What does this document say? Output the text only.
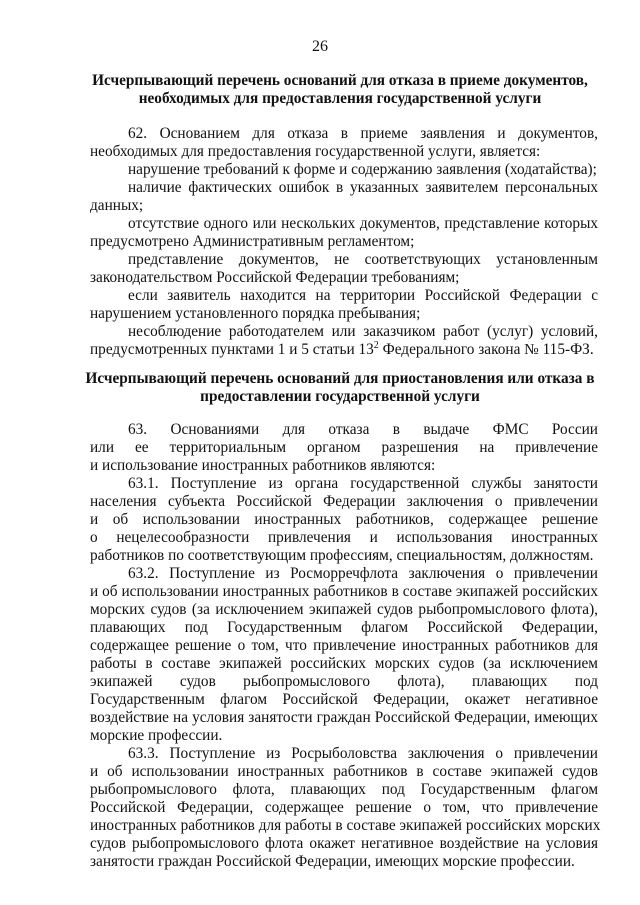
26
Исчерпывающий перечень оснований для отказа в приеме документов,
необходимых для предоставления государственной услуги
62. Основанием для отказа в приеме заявления и документов,
необходимых для предоставления государственной услуги, является:
нарушение требований к форме и содержанию заявления (ходатайства);
наличие фактических ошибок в указанных заявителем персональных
данных;
отсутствие одного или нескольких документов, представление которых
предусмотрено Административным регламентом;
представление документов, не соответствующих установленным
законодательством Российской Федерации требованиям;
если заявитель находится на территории Российской Федерации с
нарушением установленного порядка пребывания;
несоблюдение работодателем или заказчиком работ (услуг) условий,
предусмотренных пунктами 1 и 5 статьи $13^2$ Федерального закона № 115-ФЗ.
Исчерпывающий перечень оснований для приостановления или отказа в
предоставлении государственной услуги
63. Основаниями для отказа в выдаче ФМС России
или ее территориальным органом разрешения на привлечение
и использование иностранных работников являются:
63.1. Поступление из органа государственной службы занятости
населения субъекта Российской Федерации заключения о привлечении
и об использовании иностранных работников, содержащее решение
о нецелесообразности привлечения и использования иностранных
работников по соответствующим профессиям, специальностям, должностям.
63.2. Поступление из Росморречфлота заключения о привлечении
и об использовании иностранных работников в составе экипажей российских
морских судов (за исключением экипажей судов рыбопромыслового флота),
плавающих под Государственным флагом Российской Федерации,
содержащее решение о том, что привлечение иностранных работников для
работы в составе экипажей российских морских судов (за исключением
экипажей судов рыбопромыслового флота), плавающих под
Государственным флагом Российской Федерации, окажет негативное
воздействие на условия занятости граждан Российской Федерации, имеющих
морские профессии.
63.3. Поступление из Росрыболовства заключения о привлечении
и об использовании иностранных работников в составе экипажей судов
рыбопромыслового флота, плавающих под Государственным флагом
Российской Федерации, содержащее решение о том, что привлечение
иностранных работников для работы в составе экипажей российских морских
судов рыбопромыслового флота окажет негативное воздействие на условия
занятости граждан Российской Федерации, имеющих морские профессии.
